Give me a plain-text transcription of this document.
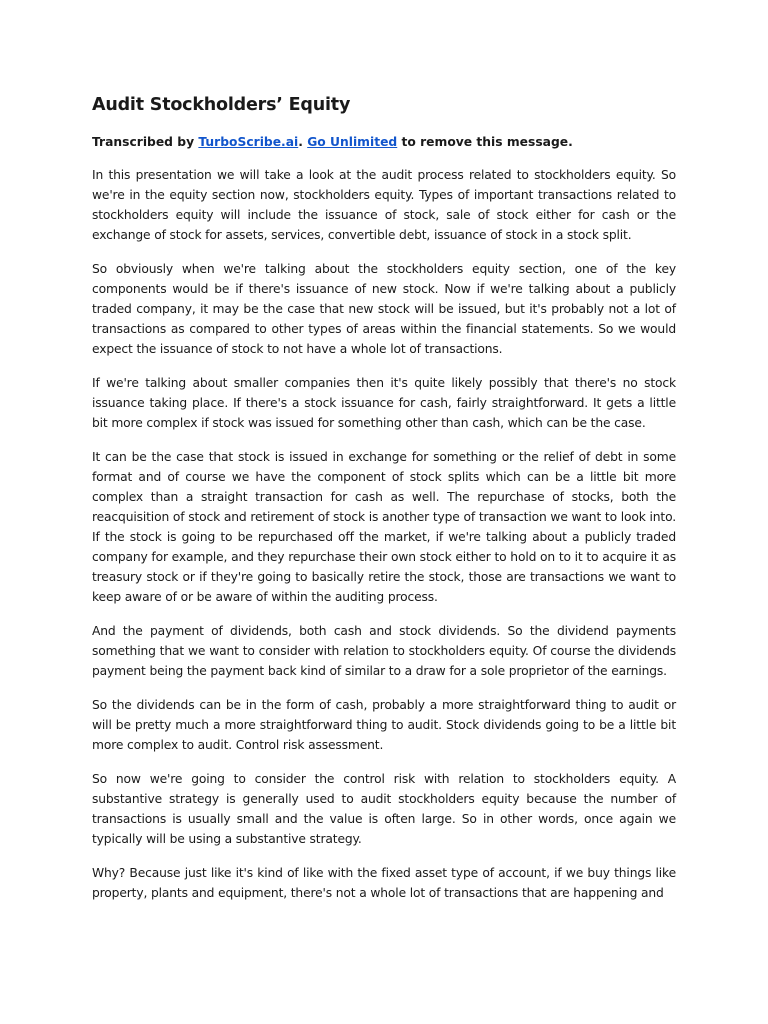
Audit Stockholders’ Equity
Transcribed by TurboScribe.ai. Go Unlimited to remove this message.

In this presentation we will take a look at the audit process related to stockholders equity. So we're in the equity section now, stockholders equity. Types of important transactions related to stockholders equity will include the issuance of stock, sale of stock either for cash or the exchange of stock for assets, services, convertible debt, issuance of stock in a stock split.

So obviously when we're talking about the stockholders equity section, one of the key components would be if there's issuance of new stock. Now if we're talking about a publicly traded company, it may be the case that new stock will be issued, but it's probably not a lot of transactions as compared to other types of areas within the financial statements. So we would expect the issuance of stock to not have a whole lot of transactions.

If we're talking about smaller companies then it's quite likely possibly that there's no stock issuance taking place. If there's a stock issuance for cash, fairly straightforward. It gets a little bit more complex if stock was issued for something other than cash, which can be the case.

It can be the case that stock is issued in exchange for something or the relief of debt in some format and of course we have the component of stock splits which can be a little bit more complex than a straight transaction for cash as well. The repurchase of stocks, both the reacquisition of stock and retirement of stock is another type of transaction we want to look into. If the stock is going to be repurchased off the market, if we're talking about a publicly traded company for example, and they repurchase their own stock either to hold on to it to acquire it as treasury stock or if they're going to basically retire the stock, those are transactions we want to keep aware of or be aware of within the auditing process.

And the payment of dividends, both cash and stock dividends. So the dividend payments something that we want to consider with relation to stockholders equity. Of course the dividends payment being the payment back kind of similar to a draw for a sole proprietor of the earnings.

So the dividends can be in the form of cash, probably a more straightforward thing to audit or will be pretty much a more straightforward thing to audit. Stock dividends going to be a little bit more complex to audit. Control risk assessment.

So now we're going to consider the control risk with relation to stockholders equity. A substantive strategy is generally used to audit stockholders equity because the number of transactions is usually small and the value is often large. So in other words, once again we typically will be using a substantive strategy.

Why? Because just like it's kind of like with the fixed asset type of account, if we buy things like property, plants and equipment, there's not a whole lot of transactions that are happening and
